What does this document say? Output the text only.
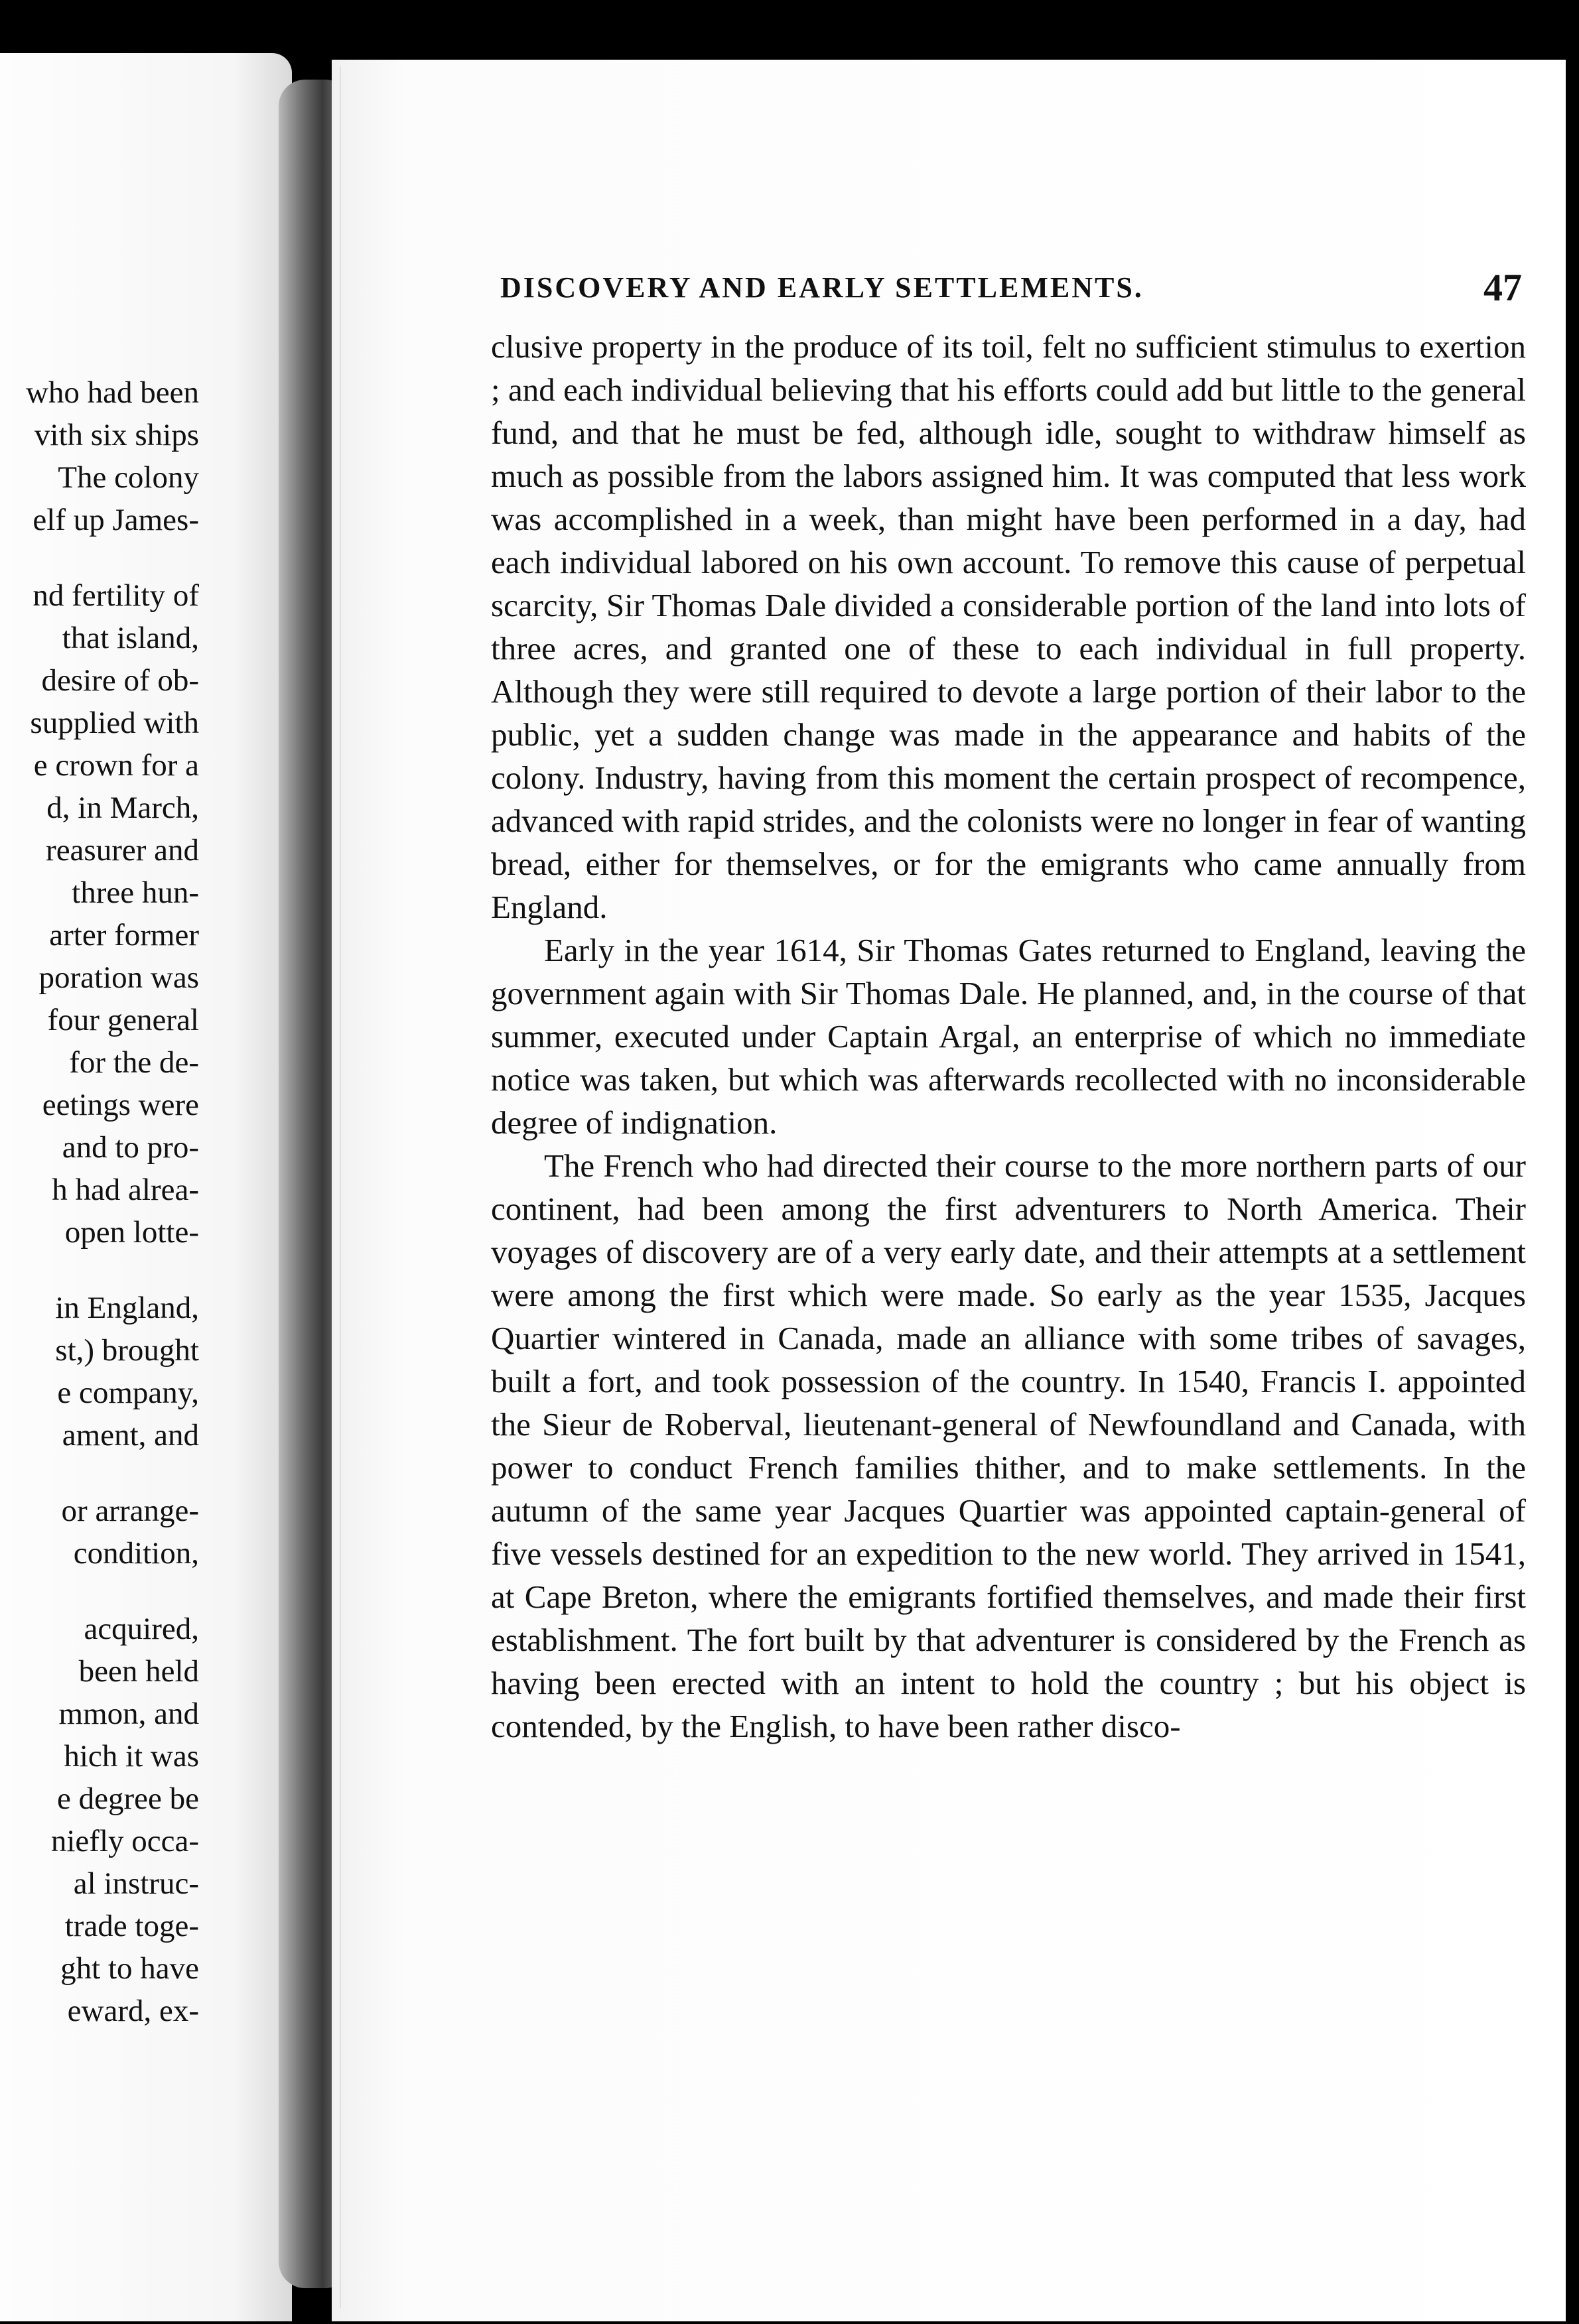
who had been
vith six ships
The colony
elf up James-
nd fertility of
that island,
desire of ob-
supplied with
e crown for a
d, in March,
reasurer and
three hun-
arter former
poration was
four general
for the de-
eetings were
and to pro-
h had alrea-
open lotte-
in England,
st,) brought
e company,
ament, and
or arrange-
condition,
acquired,
been held
mmon, and
hich it was
e degree be
niefly occa-
al instruc-
trade toge-
ght to have
eward, ex-
DISCOVERY AND EARLY SETTLEMENTS.	47

clusive property in the produce of its toil, felt no sufficient stimulus to exertion ; and each individual believing that his efforts could add but little to the general fund, and that he must be fed, although idle, sought to withdraw himself as much as possible from the labors assigned him. It was computed that less work was accomplished in a week, than might have been performed in a day, had each individual labored on his own account. To remove this cause of perpetual scarcity, Sir Thomas Dale divided a considerable portion of the land into lots of three acres, and granted one of these to each individual in full property. Although they were still required to devote a large portion of their labor to the public, yet a sudden change was made in the appearance and habits of the colony. Industry, having from this moment the certain prospect of recompence, advanced with rapid strides, and the colonists were no longer in fear of wanting bread, either for themselves, or for the emigrants who came annually from England.

Early in the year 1614, Sir Thomas Gates returned to England, leaving the government again with Sir Thomas Dale. He planned, and, in the course of that summer, executed under Captain Argal, an enterprise of which no immediate notice was taken, but which was afterwards recollected with no inconsiderable degree of indignation.

The French who had directed their course to the more northern parts of our continent, had been among the first adventurers to North America. Their voyages of discovery are of a very early date, and their attempts at a settlement were among the first which were made. So early as the year 1535, Jacques Quartier wintered in Canada, made an alliance with some tribes of savages, built a fort, and took possession of the country. In 1540, Francis I. appointed the Sieur de Roberval, lieutenant-general of Newfoundland and Canada, with power to conduct French families thither, and to make settlements. In the autumn of the same year Jacques Quartier was appointed captain-general of five vessels destined for an expedition to the new world. They arrived in 1541, at Cape Breton, where the emigrants fortified themselves, and made their first establishment. The fort built by that adventurer is considered by the French as having been erected with an intent to hold the country ; but his object is contended, by the English, to have been rather disco-
